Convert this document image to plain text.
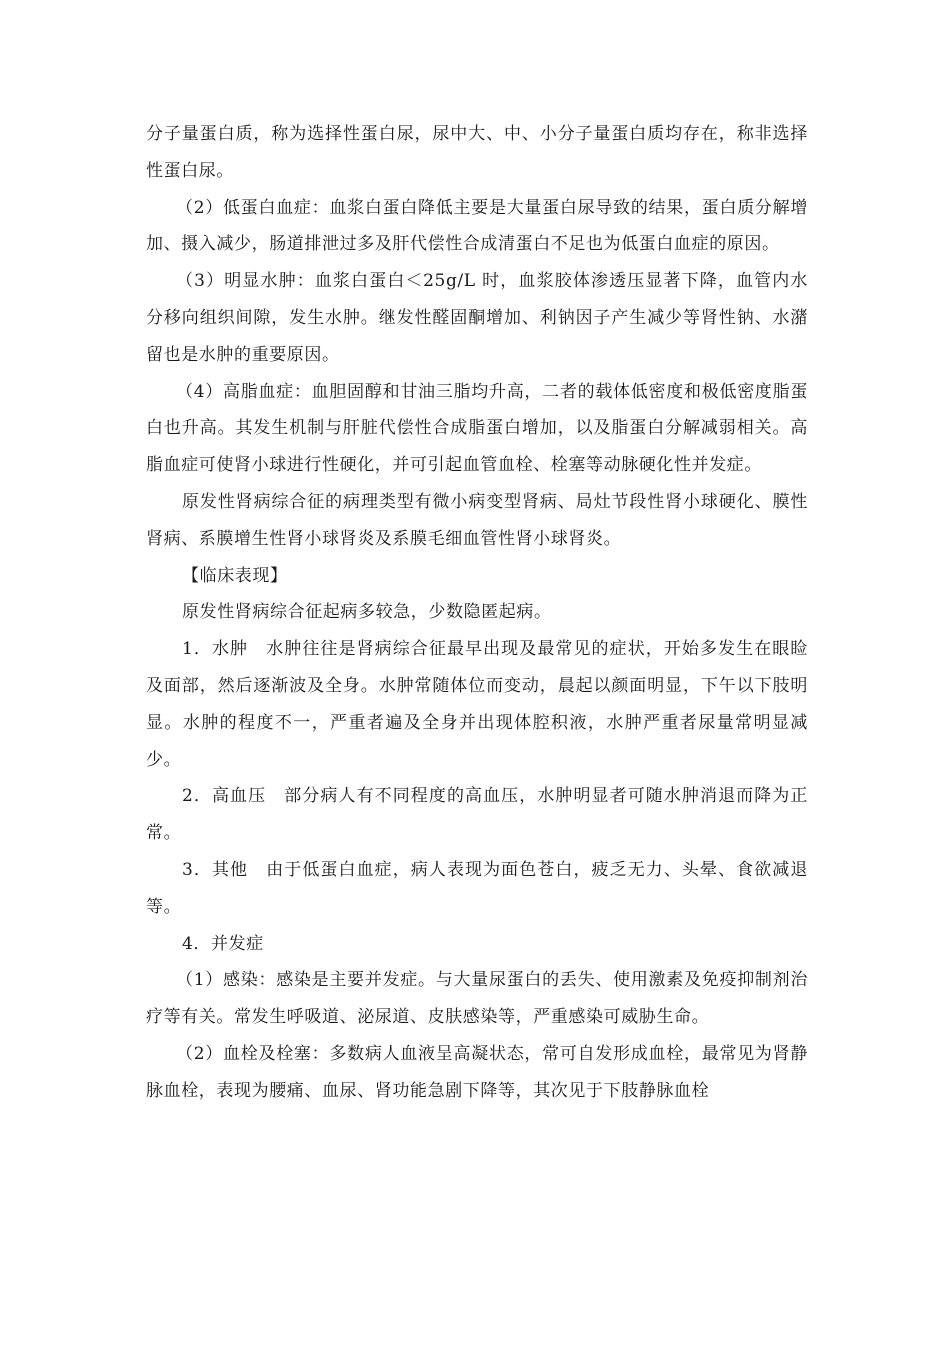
分子量蛋白质，称为选择性蛋白尿，尿中大、中、小分子量蛋白质均存在，称非选择性蛋白尿。

（2）低蛋白血症：血浆白蛋白降低主要是大量蛋白尿导致的结果，蛋白质分解增加、摄入减少，肠道排泄过多及肝代偿性合成清蛋白不足也为低蛋白血症的原因。

（3）明显水肿：血浆白蛋白＜25g/L 时，血浆胶体渗透压显著下降，血管内水分移向组织间隙，发生水肿。继发性醛固酮增加、利钠因子产生减少等肾性钠、水潴留也是水肿的重要原因。

（4）高脂血症：血胆固醇和甘油三脂均升高，二者的载体低密度和极低密度脂蛋白也升高。其发生机制与肝脏代偿性合成脂蛋白增加，以及脂蛋白分解减弱相关。高脂血症可使肾小球进行性硬化，并可引起血管血栓、栓塞等动脉硬化性并发症。

原发性肾病综合征的病理类型有微小病变型肾病、局灶节段性肾小球硬化、膜性肾病、系膜增生性肾小球肾炎及系膜毛细血管性肾小球肾炎。

【临床表现】

原发性肾病综合征起病多较急，少数隐匿起病。

1．水肿　水肿往往是肾病综合征最早出现及最常见的症状，开始多发生在眼睑及面部，然后逐渐波及全身。水肿常随体位而变动，晨起以颜面明显，下午以下肢明显。水肿的程度不一，严重者遍及全身并出现体腔积液，水肿严重者尿量常明显减少。

2．高血压　部分病人有不同程度的高血压，水肿明显者可随水肿消退而降为正常。

3．其他　由于低蛋白血症，病人表现为面色苍白，疲乏无力、头晕、食欲减退等。

4．并发症

（1）感染：感染是主要并发症。与大量尿蛋白的丢失、使用激素及免疫抑制剂治疗等有关。常发生呼吸道、泌尿道、皮肤感染等，严重感染可威胁生命。

（2）血栓及栓塞：多数病人血液呈高凝状态，常可自发形成血栓，最常见为肾静脉血栓，表现为腰痛、血尿、肾功能急剧下降等，其次见于下肢静脉血栓
